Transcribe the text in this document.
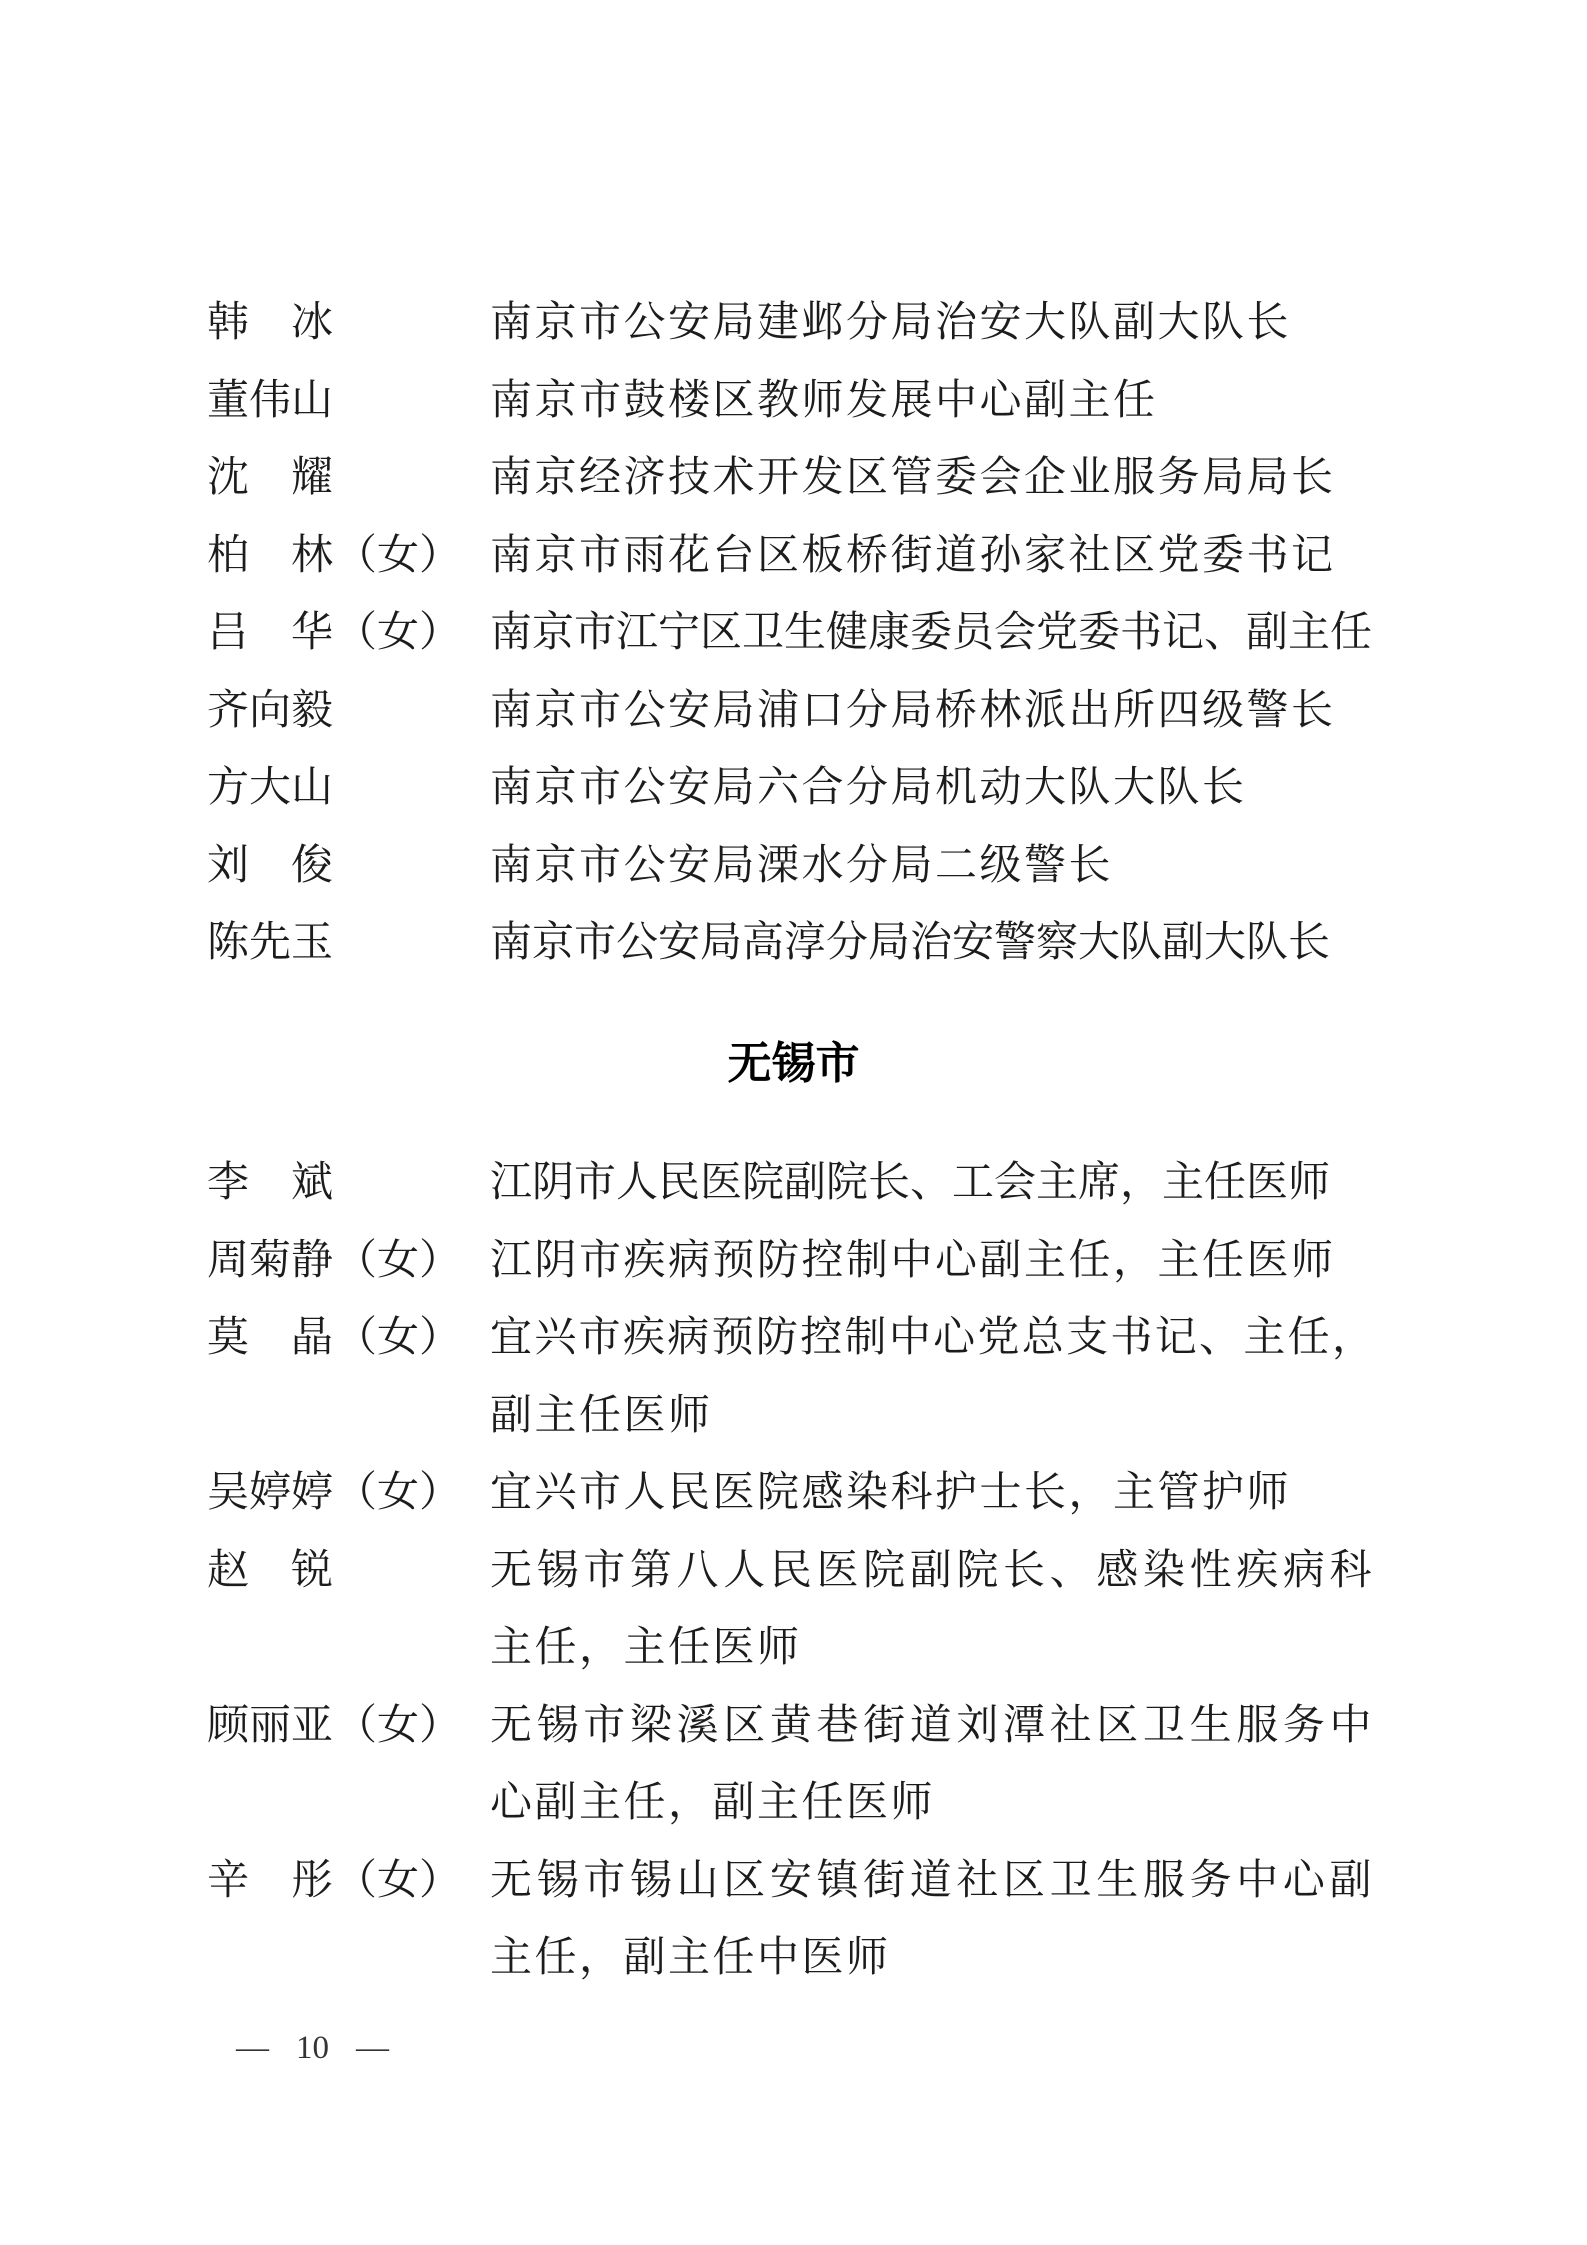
韩　冰	南京市公安局建邺分局治安大队副大队长
董伟山	南京市鼓楼区教师发展中心副主任
沈　耀	南京经济技术开发区管委会企业服务局局长
柏　林（女） 南京市雨花台区板桥街道孙家社区党委书记
吕　华（女） 南京市江宁区卫生健康委员会党委书记、副主任
齐向毅	南京市公安局浦口分局桥林派出所四级警长
方大山	南京市公安局六合分局机动大队大队长
刘　俊	南京市公安局溧水分局二级警长
陈先玉	南京市公安局高淳分局治安警察大队副大队长
无锡市
李　斌	江阴市人民医院副院长、工会主席，主任医师
周菊静（女） 江阴市疾病预防控制中心副主任，主任医师
莫　晶（女） 宜兴市疾病预防控制中心党总支书记、主任，
副主任医师
吴婷婷（女） 宜兴市人民医院感染科护士长，主管护师
赵　锐	无锡市第八人民医院副院长、感染性疾病科
主任，主任医师
顾丽亚（女） 无锡市梁溪区黄巷街道刘潭社区卫生服务中
心副主任，副主任医师
辛　彤（女） 无锡市锡山区安镇街道社区卫生服务中心副
主任，副主任中医师
— 10 —
